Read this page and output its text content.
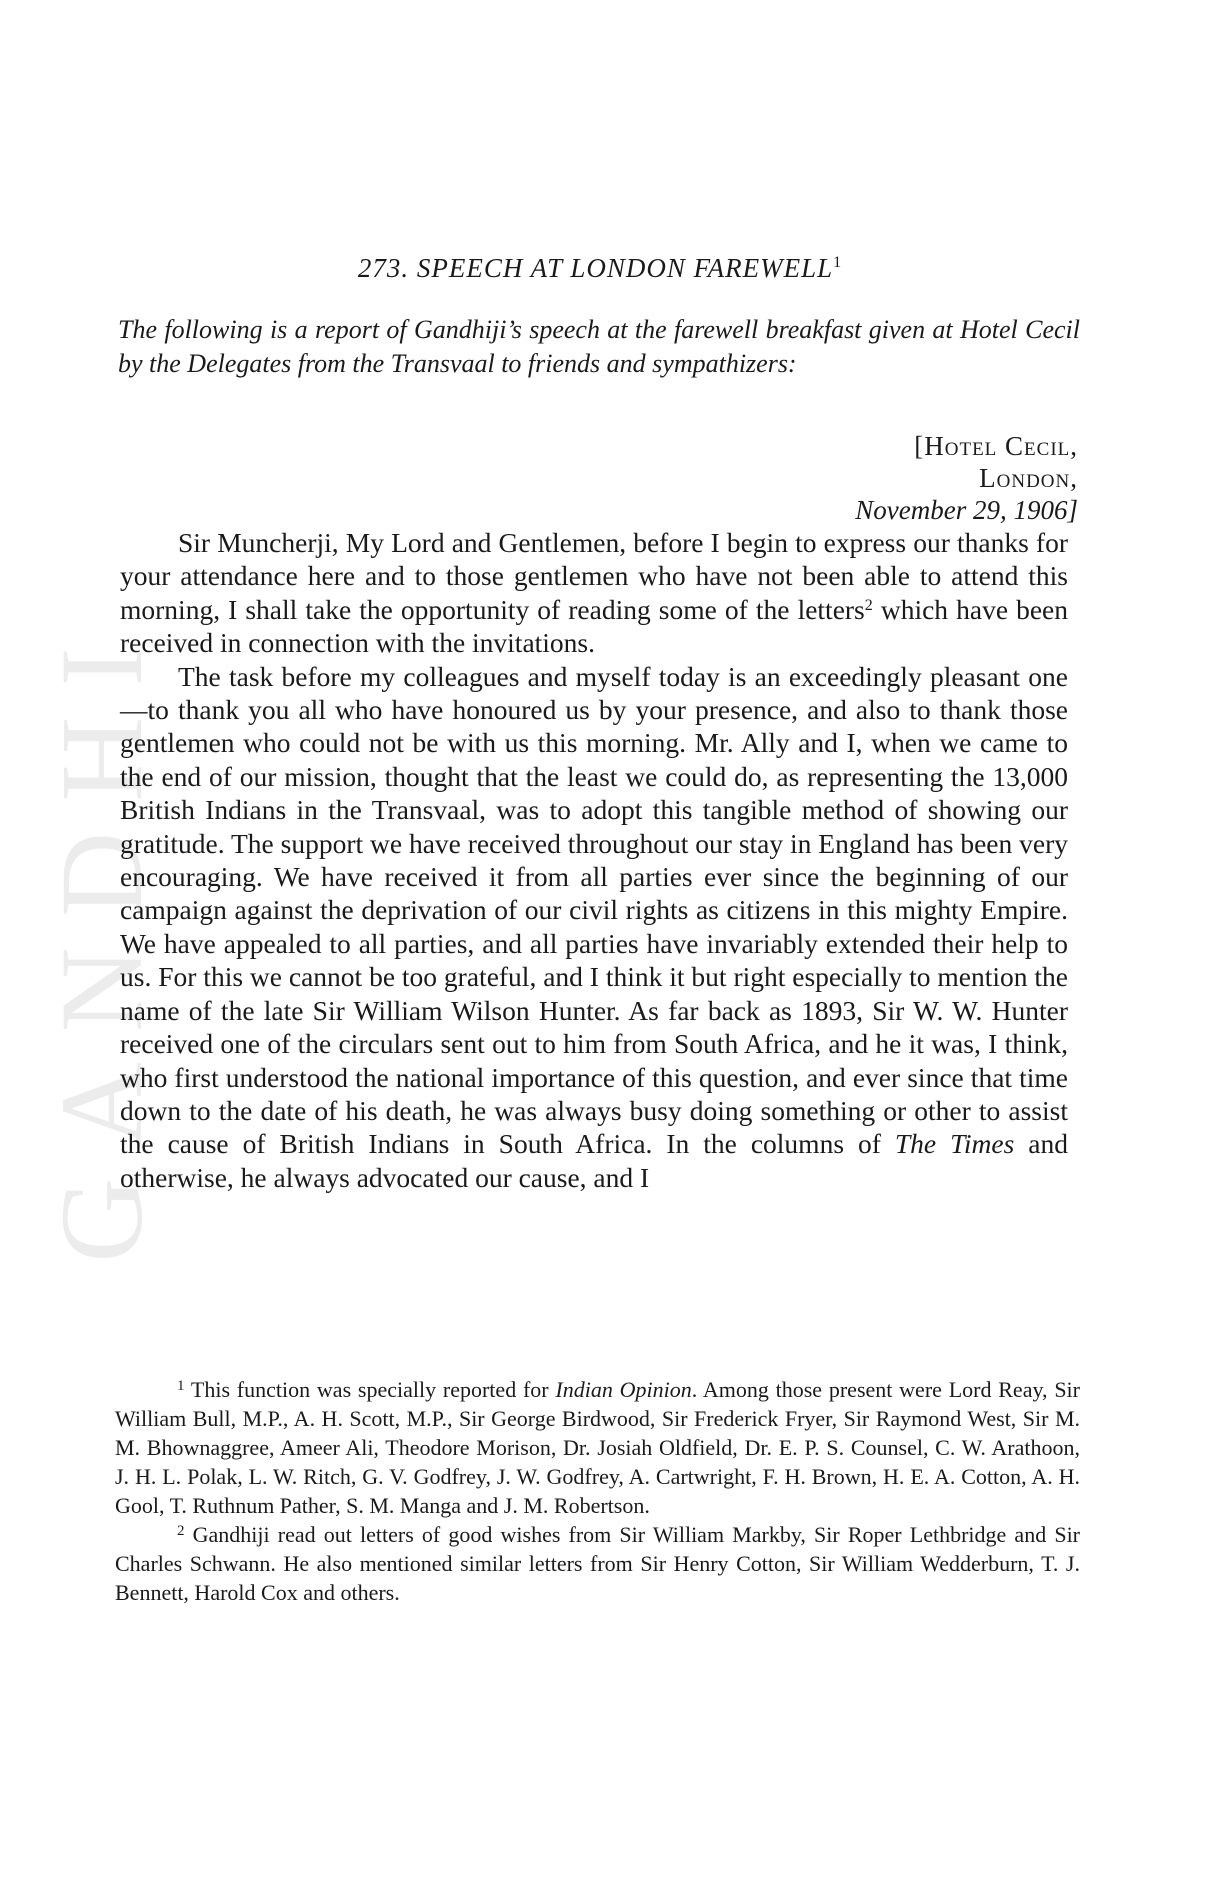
GANDHI
273. SPEECH AT LONDON FAREWELL$^1$
The following is a report of Gandhiji’s speech at the farewell breakfast given at Hotel Cecil by the Delegates from the Transvaal to friends and sympathizers:
[Hotel Cecil,
London,
November 29, 1906]

Sir Muncherji, My Lord and Gentlemen, before I begin to express our thanks for your attendance here and to those gentlemen who have not been able to attend this morning, I shall take the opportunity of reading some of the letters$^2$ which have been received in connection with the invitations.

The task before my colleagues and myself today is an exceedingly pleasant one—to thank you all who have honoured us by your presence, and also to thank those gentlemen who could not be with us this morning. Mr. Ally and I, when we came to the end of our mission, thought that the least we could do, as representing the 13,000 British Indians in the Transvaal, was to adopt this tangible method of showing our gratitude. The support we have received throughout our stay in England has been very encouraging. We have received it from all parties ever since the beginning of our campaign against the deprivation of our civil rights as citizens in this mighty Empire. We have appealed to all parties, and all parties have invariably extended their help to us. For this we cannot be too grateful, and I think it but right especially to mention the name of the late Sir William Wilson Hunter. As far back as 1893, Sir W. W. Hunter received one of the circulars sent out to him from South Africa, and he it was, I think, who first understood the national importance of this question, and ever since that time down to the date of his death, he was always busy doing something or other to assist the cause of British Indians in South Africa. In the columns of The Times and otherwise, he always advocated our cause, and I

$^1$ This function was specially reported for Indian Opinion. Among those present were Lord Reay, Sir William Bull, M.P., A. H. Scott, M.P., Sir George Birdwood, Sir Frederick Fryer, Sir Raymond West, Sir M. M. Bhownaggree, Ameer Ali, Theodore Morison, Dr. Josiah Oldfield, Dr. E. P. S. Counsel, C. W. Arathoon, J. H. L. Polak, L. W. Ritch, G. V. Godfrey, J. W. Godfrey, A. Cartwright, F. H. Brown, H. E. A. Cotton, A. H. Gool, T. Ruthnum Pather, S. M. Manga and J. M. Robertson.

$^2$ Gandhiji read out letters of good wishes from Sir William Markby, Sir Roper Lethbridge and Sir Charles Schwann. He also mentioned similar letters from Sir Henry Cotton, Sir William Wedderburn, T. J. Bennett, Harold Cox and others.
